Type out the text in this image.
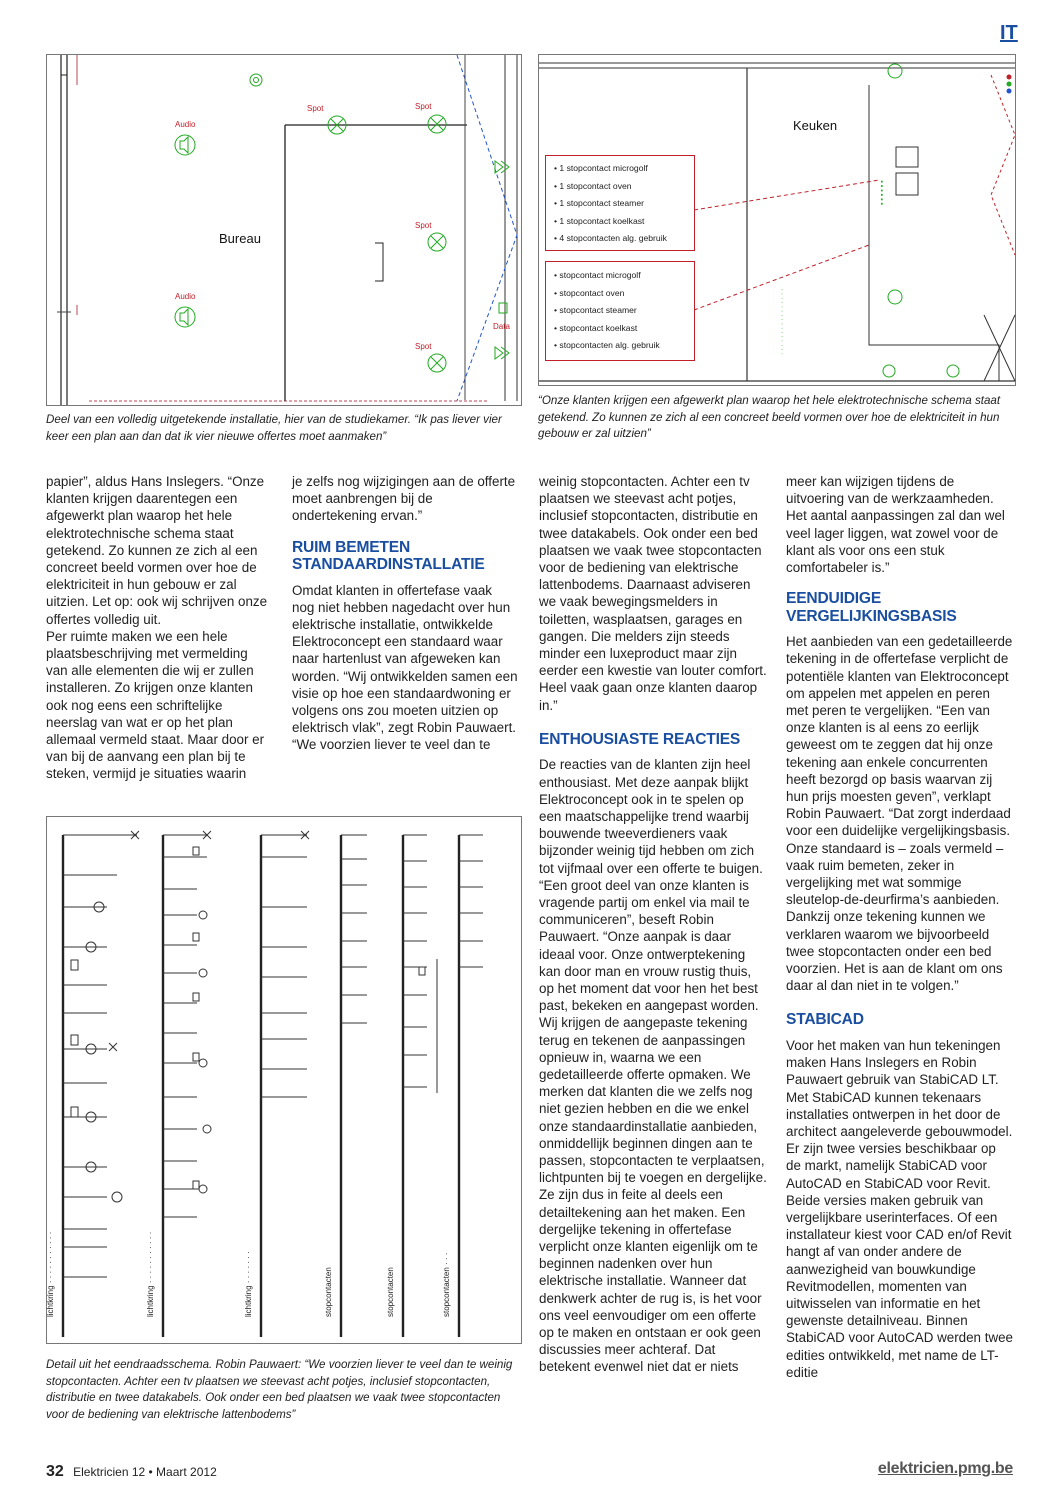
IT
Audio
Audio
Spot	Spot
Spot
Spot
Data
Bureau

Deel van een volledig uitgetekende installatie, hier van de studiekamer. “Ik pas liever vier keer een plan aan dan dat ik vier nieuwe offertes moet aanmaken”

▪ ▪ ▪ ▪ ▪ ▪
· · · · · · · · · · · · · · · ·
Keuken
• 1 stopcontact microgolf
• 1 stopcontact oven
• 1 stopcontact steamer
• 1 stopcontact koelkast
• 4 stopcontacten alg. gebruik
• stopcontact microgolf
• stopcontact oven
• stopcontact steamer
• stopcontact koelkast
• stopcontacten alg. gebruik

“Onze klanten krijgen een afgewerkt plan waarop het hele elektrotechnische schema staat getekend. Zo kunnen ze zich al een concreet beeld vormen over hoe de elektriciteit in hun gebouw er zal uitzien”

papier”, aldus Hans Inslegers. “Onze klanten krijgen daarentegen een afgewerkt plan waarop het hele elektrotechnische schema staat getekend. Zo kunnen ze zich al een concreet beeld vormen over hoe de elektriciteit in hun gebouw er zal uitzien. Let op: ook wij schrijven onze offertes volledig uit.

Per ruimte maken we een hele plaatsbeschrijving met vermelding van alle elementen die wij er zullen installeren. Zo krijgen onze klanten ook nog eens een schriftelijke neerslag van wat er op het plan allemaal vermeld staat. Maar door er van bij de aanvang een plan bij te steken, vermijd je situaties waarin

je zelfs nog wijzigingen aan de offerte moet aanbrengen bij de ondertekening ervan.”

RUIM BEMETEN STANDAARDINSTALLATIE

Omdat klanten in offertefase vaak nog niet hebben nagedacht over hun elektrische installatie, ontwikkelde Elektroconcept een standaard waar naar hartenlust van afgeweken kan worden. “Wij ontwikkelden samen een visie op hoe een standaardwoning er volgens ons zou moeten uitzien op elektrisch vlak”, zegt Robin Pauwaert.

“We voorzien liever te veel dan te

lichtkring · · · · · · · · · · ·	lichtkring · · · · · · · · · · ·	lichtkring · · · · · · ·	stopcontacten	stopcontacten	stopcontacten · · ·

Detail uit het eendraadsschema. Robin Pauwaert: “We voorzien liever te veel dan te weinig stopcontacten. Achter een tv plaatsen we steevast acht potjes, inclusief stopcontacten, distributie en twee datakabels. Ook onder een bed plaatsen we vaak twee stopcontacten voor de bediening van elektrische lattenbodems”

weinig stopcontacten. Achter een tv plaatsen we steevast acht potjes, inclusief stopcontacten, distributie en twee datakabels. Ook onder een bed plaatsen we vaak twee stopcontacten voor de bediening van elektrische lattenbodems. Daarnaast adviseren we vaak bewegingsmelders in toiletten, wasplaatsen, garages en gangen. Die melders zijn steeds minder een luxeproduct maar zijn eerder een kwestie van louter comfort. Heel vaak gaan onze klanten daarop in.”

ENTHOUSIASTE REACTIES

De reacties van de klanten zijn heel enthousiast. Met deze aanpak blijkt Elektroconcept ook in te spelen op een maatschappelijke trend waarbij bouwende tweeverdieners vaak bijzonder weinig tijd hebben om zich tot vijfmaal over een offerte te buigen. “Een groot deel van onze klanten is vragende partij om enkel via mail te communiceren”, beseft Robin Pauwaert. “Onze aanpak is daar ideaal voor. Onze ontwerptekening kan door man en vrouw rustig thuis, op het moment dat voor hen het best past, bekeken en aangepast worden. Wij krijgen de aangepaste tekening terug en tekenen de aanpassingen opnieuw in, waarna we een gedetailleerde offerte opmaken. We merken dat klanten die we zelfs nog niet gezien hebben en die we enkel onze standaardinstallatie aanbieden, onmiddellijk beginnen dingen aan te passen, stopcontacten te verplaatsen, lichtpunten bij te voegen en dergelijke. Ze zijn dus in feite al deels een detailtekening aan het maken. Een dergelijke tekening in offertefase verplicht onze klanten eigenlijk om te beginnen nadenken over hun elektrische installatie. Wanneer dat denkwerk achter de rug is, is het voor ons veel eenvoudiger om een offerte op te maken en ontstaan er ook geen discussies meer achteraf. Dat betekent evenwel niet dat er niets

meer kan wijzigen tijdens de uitvoering van de werkzaamheden. Het aantal aanpassingen zal dan wel veel lager liggen, wat zowel voor de klant als voor ons een stuk comfortabeler is.”

EENDUIDIGE VERGELIJKINGSBASIS

Het aanbieden van een gedetailleerde tekening in de offertefase verplicht de potentiële klanten van Elektroconcept om appelen met appelen en peren met peren te vergelijken. “Een van onze klanten is al eens zo eerlijk geweest om te zeggen dat hij onze tekening aan enkele concurrenten heeft bezorgd op basis waarvan zij hun prijs moesten geven”, verklapt Robin Pauwaert. “Dat zorgt inderdaad voor een duidelijke vergelijkingsbasis. Onze standaard is – zoals vermeld – vaak ruim bemeten, zeker in vergelijking met wat sommige sleutelop-de-deurfirma’s aanbieden. Dankzij onze tekening kunnen we verklaren waarom we bijvoorbeeld twee stopcontacten onder een bed voorzien. Het is aan de klant om ons daar al dan niet in te volgen.”

STABICAD

Voor het maken van hun tekeningen maken Hans Inslegers en Robin Pauwaert gebruik van StabiCAD LT. Met StabiCAD kunnen tekenaars installaties ontwerpen in het door de architect aangeleverde gebouwmodel. Er zijn twee versies beschikbaar op de markt, namelijk StabiCAD voor AutoCAD en StabiCAD voor Revit. Beide versies maken gebruik van vergelijkbare userinterfaces. Of een installateur kiest voor CAD en/of Revit hangt af van onder andere de aanwezigheid van bouwkundige Revitmodellen, momenten van uitwisselen van informatie en het gewenste detailniveau. Binnen StabiCAD voor AutoCAD werden twee edities ontwikkeld, met name de LT-editie

32 Elektricien 12 • Maart 2012	elektricien.pmg.be
